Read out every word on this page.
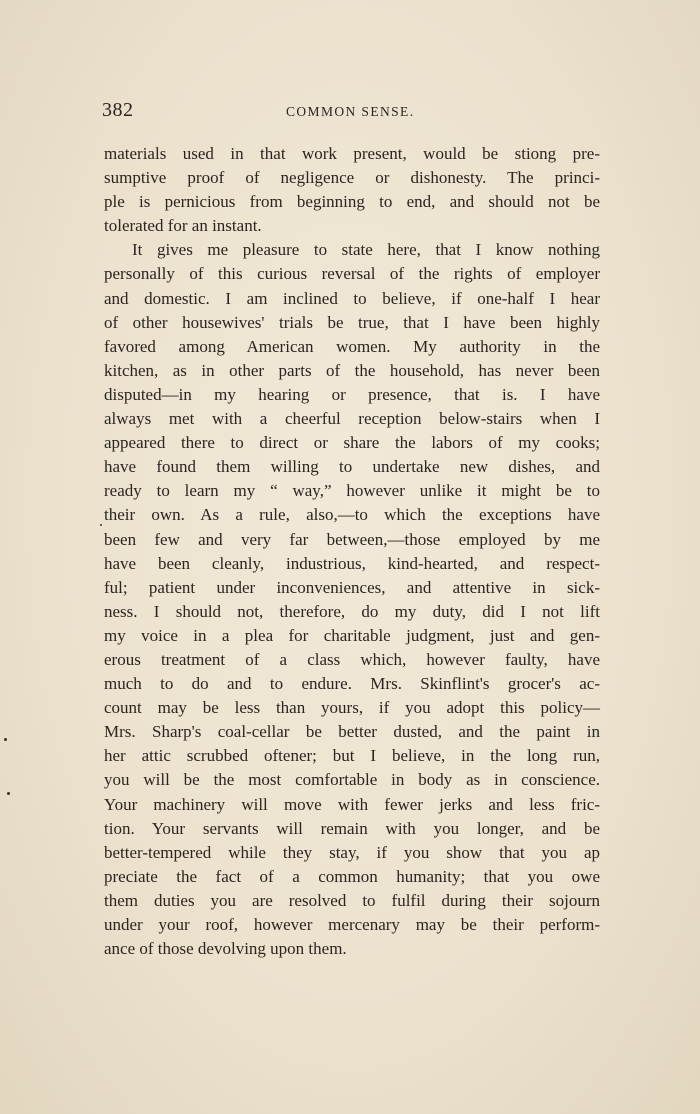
382	COMMON SENSE.
materials used in that work present, would be stiong pre-
sumptive proof of negligence or dishonesty. The princi-
ple is pernicious from beginning to end, and should not be
tolerated for an instant.
It gives me pleasure to state here, that I know nothing
personally of this curious reversal of the rights of employer
and domestic. I am inclined to believe, if one-half I hear
of other housewives' trials be true, that I have been highly
favored among American women. My authority in the
kitchen, as in other parts of the household, has never been
disputed—in my hearing or presence, that is. I have
always met with a cheerful reception below-stairs when I
appeared there to direct or share the labors of my cooks;
have found them willing to undertake new dishes, and
ready to learn my “ way,” however unlike it might be to
their own. As a rule, also,—to which the exceptions have
been few and very far between,—those employed by me
have been cleanly, industrious, kind-hearted, and respect-
ful; patient under inconveniences, and attentive in sick-
ness. I should not, therefore, do my duty, did I not lift
my voice in a plea for charitable judgment, just and gen-
erous treatment of a class which, however faulty, have
much to do and to endure. Mrs. Skinflint's grocer's ac-
count may be less than yours, if you adopt this policy—
Mrs. Sharp's coal-cellar be better dusted, and the paint in
her attic scrubbed oftener; but I believe, in the long run,
you will be the most comfortable in body as in conscience.
Your machinery will move with fewer jerks and less fric-
tion. Your servants will remain with you longer, and be
better-tempered while they stay, if you show that you ap
preciate the fact of a common humanity; that you owe
them duties you are resolved to fulfil during their sojourn
under your roof, however mercenary may be their perform-
ance of those devolving upon them.
